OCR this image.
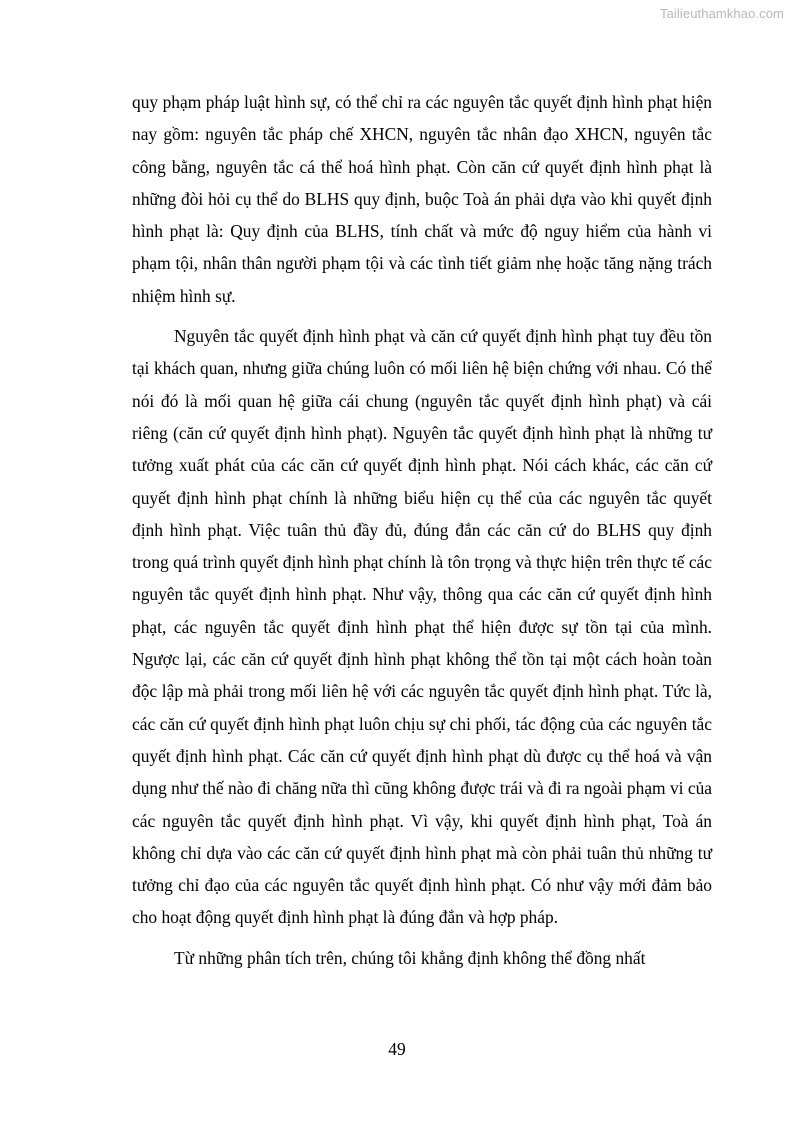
Tailieuthamkhao.com

quy phạm pháp luật hình sự, có thể chỉ ra các nguyên tắc quyết định hình phạt hiện nay gồm: nguyên tắc pháp chế XHCN, nguyên tắc nhân đạo XHCN, nguyên tắc công bằng, nguyên tắc cá thể hoá hình phạt. Còn căn cứ quyết định hình phạt là những đòi hỏi cụ thể do BLHS quy định, buộc Toà án phải dựa vào khi quyết định hình phạt là: Quy định của BLHS, tính chất và mức độ nguy hiểm của hành vi phạm tội, nhân thân người phạm tội và các tình tiết giảm nhẹ hoặc tăng nặng trách nhiệm hình sự.

Nguyên tắc quyết định hình phạt và căn cứ quyết định hình phạt tuy đều tồn tại khách quan, nhưng giữa chúng luôn có mối liên hệ biện chứng với nhau. Có thể nói đó là mối quan hệ giữa cái chung (nguyên tắc quyết định hình phạt) và cái riêng (căn cứ quyết định hình phạt). Nguyên tắc quyết định hình phạt là những tư tưởng xuất phát của các căn cứ quyết định hình phạt. Nói cách khác, các căn cứ quyết định hình phạt chính là những biểu hiện cụ thể của các nguyên tắc quyết định hình phạt. Việc tuân thủ đầy đủ, đúng đắn các căn cứ do BLHS quy định trong quá trình quyết định hình phạt chính là tôn trọng và thực hiện trên thực tế các nguyên tắc quyết định hình phạt. Như vậy, thông qua các căn cứ quyết định hình phạt, các nguyên tắc quyết định hình phạt thể hiện được sự tồn tại của mình. Ngược lại, các căn cứ quyết định hình phạt không thể tồn tại một cách hoàn toàn độc lập mà phải trong mối liên hệ với các nguyên tắc quyết định hình phạt. Tức là, các căn cứ quyết định hình phạt luôn chịu sự chi phối, tác động của các nguyên tắc quyết định hình phạt. Các căn cứ quyết định hình phạt dù được cụ thể hoá và vận dụng như thế nào đi chăng nữa thì cũng không được trái và đi ra ngoài phạm vi của các nguyên tắc quyết định hình phạt. Vì vậy, khi quyết định hình phạt, Toà án không chỉ dựa vào các căn cứ quyết định hình phạt mà còn phải tuân thủ những tư tưởng chỉ đạo của các nguyên tắc quyết định hình phạt. Có như vậy mới đảm bảo cho hoạt động quyết định hình phạt là đúng đắn và hợp pháp.

Từ những phân tích trên, chúng tôi khẳng định không thể đồng nhất

49
